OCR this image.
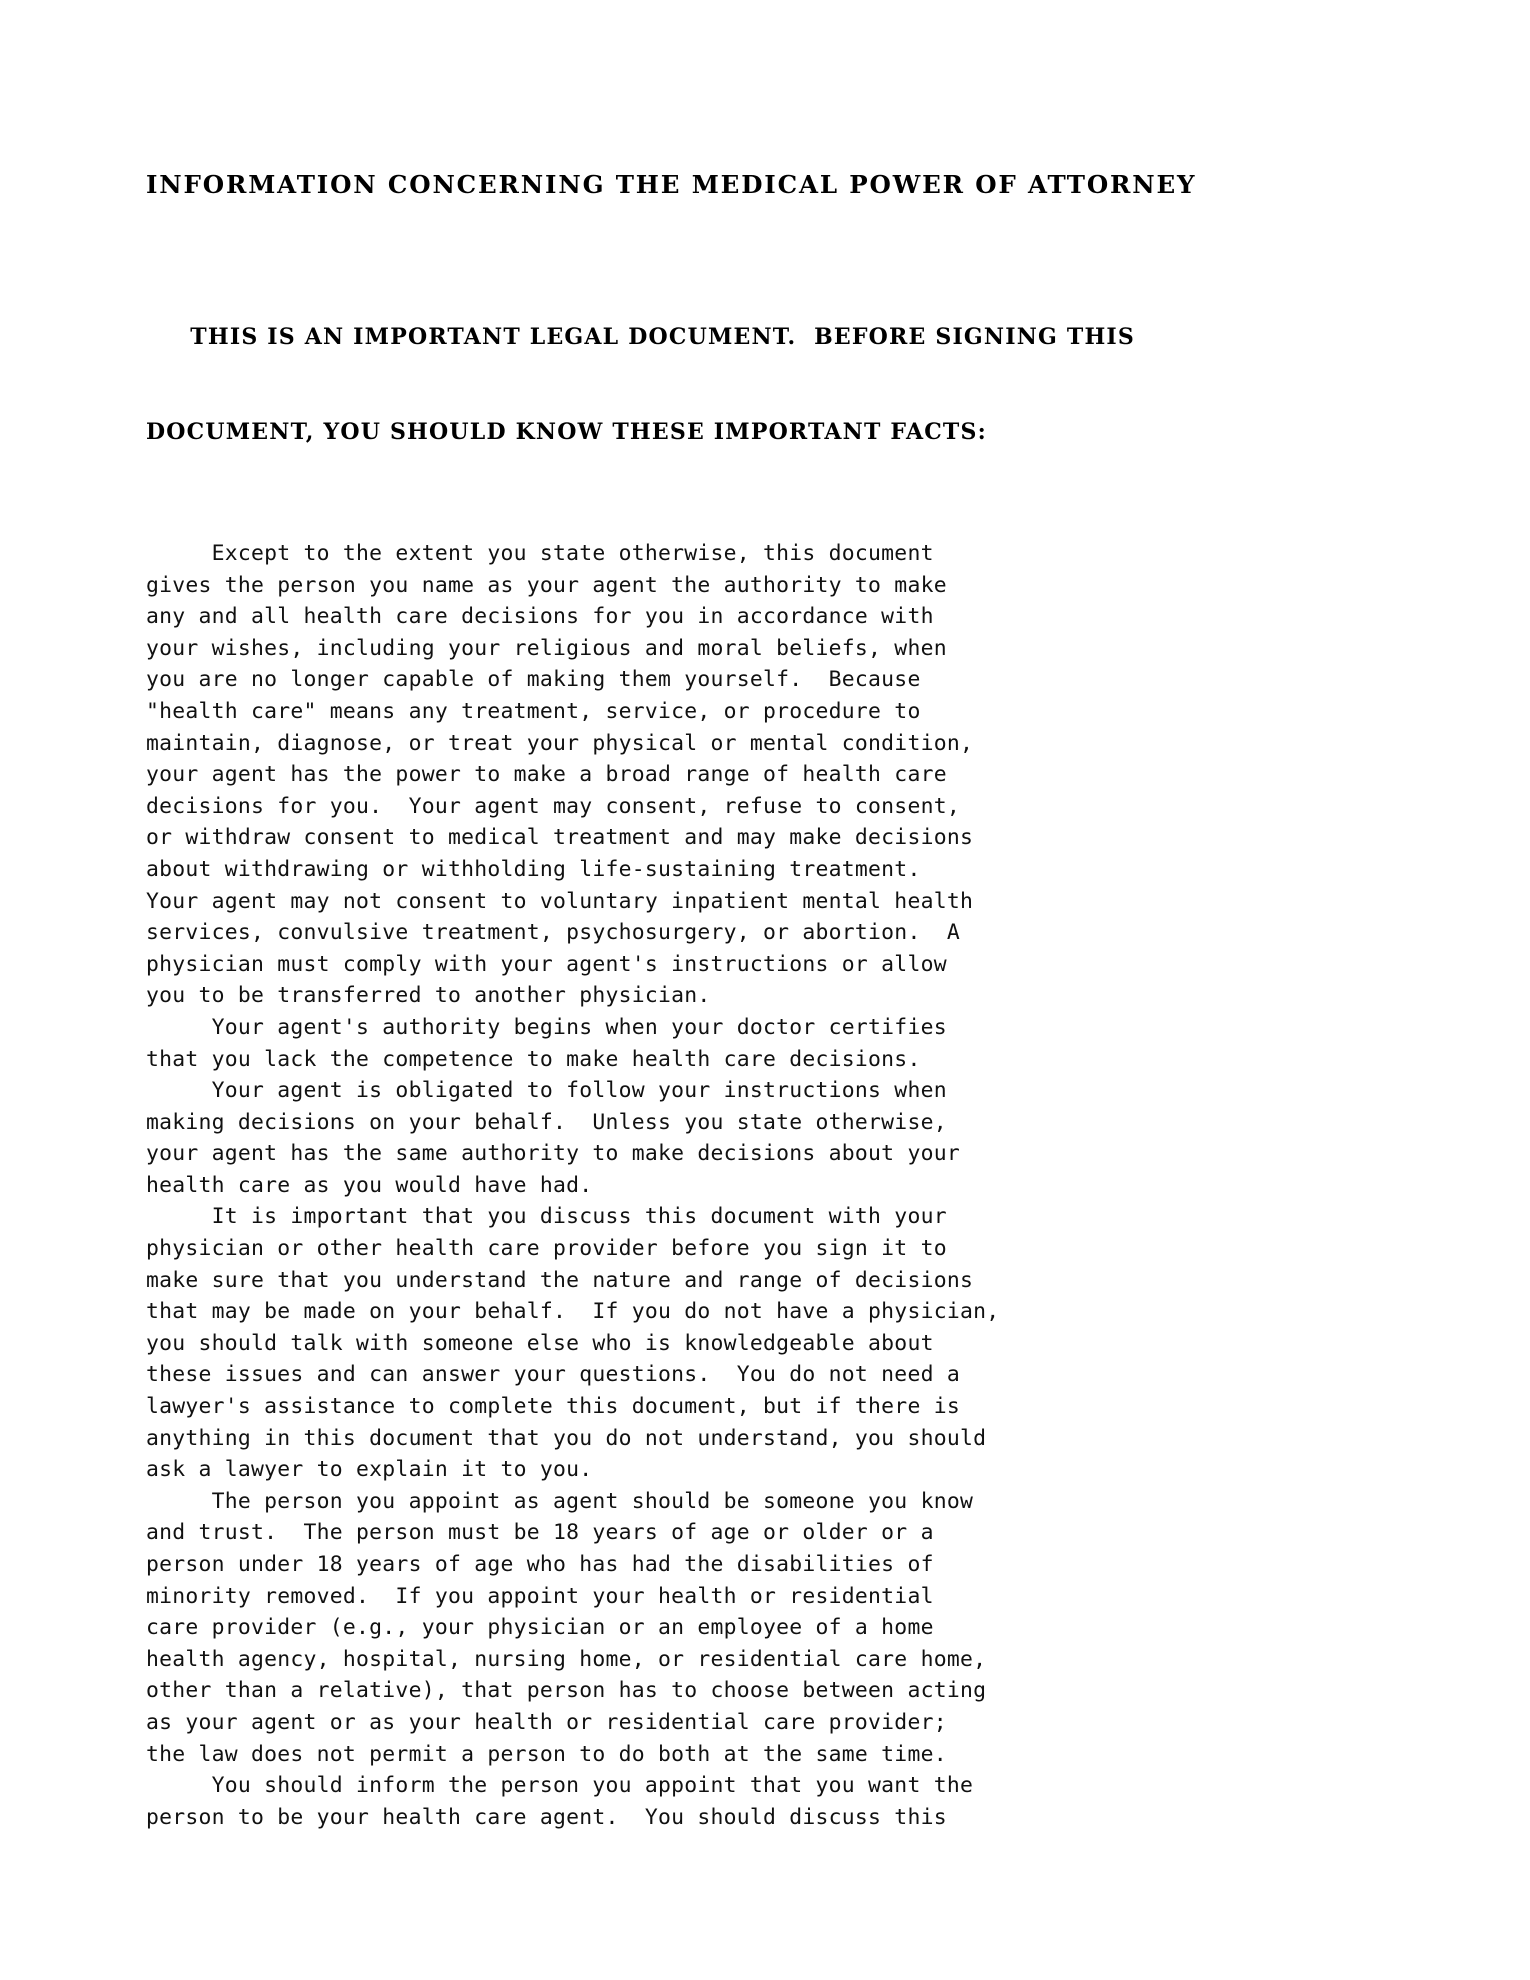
INFORMATION CONCERNING THE MEDICAL POWER OF ATTORNEY

THIS IS AN IMPORTANT LEGAL DOCUMENT.  BEFORE SIGNING THIS

DOCUMENT, YOU SHOULD KNOW THESE IMPORTANT FACTS:

Except to the extent you state otherwise, this document
gives the person you name as your agent the authority to make
any and all health care decisions for you in accordance with
your wishes, including your religious and moral beliefs, when
you are no longer capable of making them yourself.  Because
"health care" means any treatment, service, or procedure to
maintain, diagnose, or treat your physical or mental condition,
your agent has the power to make a broad range of health care
decisions for you.  Your agent may consent, refuse to consent,
or withdraw consent to medical treatment and may make decisions
about withdrawing or withholding life-sustaining treatment.
Your agent may not consent to voluntary inpatient mental health
services, convulsive treatment, psychosurgery, or abortion.  A
physician must comply with your agent's instructions or allow
you to be transferred to another physician.
Your agent's authority begins when your doctor certifies
that you lack the competence to make health care decisions.
Your agent is obligated to follow your instructions when
making decisions on your behalf.  Unless you state otherwise,
your agent has the same authority to make decisions about your
health care as you would have had.
It is important that you discuss this document with your
physician or other health care provider before you sign it to
make sure that you understand the nature and range of decisions
that may be made on your behalf.  If you do not have a physician,
you should talk with someone else who is knowledgeable about
these issues and can answer your questions.  You do not need a
lawyer's assistance to complete this document, but if there is
anything in this document that you do not understand, you should
ask a lawyer to explain it to you.
The person you appoint as agent should be someone you know
and trust.  The person must be 18 years of age or older or a
person under 18 years of age who has had the disabilities of
minority removed.  If you appoint your health or residential
care provider (e.g., your physician or an employee of a home
health agency, hospital, nursing home, or residential care home,
other than a relative), that person has to choose between acting
as your agent or as your health or residential care provider;
the law does not permit a person to do both at the same time.
You should inform the person you appoint that you want the
person to be your health care agent.  You should discuss this
